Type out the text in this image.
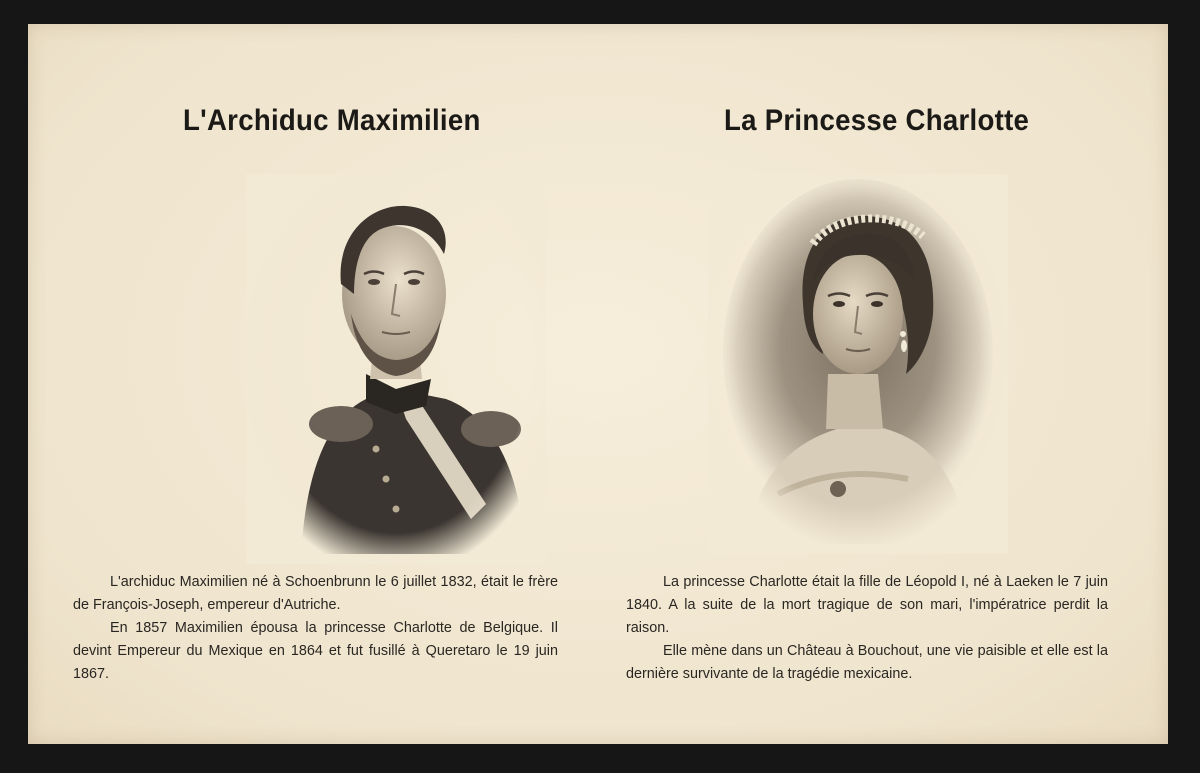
L'Archiduc Maximilien	La Princesse Charlotte

L'archiduc Maximilien né à Schoenbrunn le 6 juillet 1832, était le frère de François-Joseph, empereur d'Autriche.

En 1857 Maximilien épousa la princesse Charlotte de Belgique. Il devint Empereur du Mexique en 1864 et fut fusillé à Queretaro le 19 juin 1867.

La princesse Charlotte était la fille de Léopold I, né à Laeken le 7 juin 1840. A la suite de la mort tragique de son mari, l'impératrice perdit la raison.

Elle mène dans un Château à Bouchout, une vie paisible et elle est la dernière survivante de la tragédie mexicaine.
